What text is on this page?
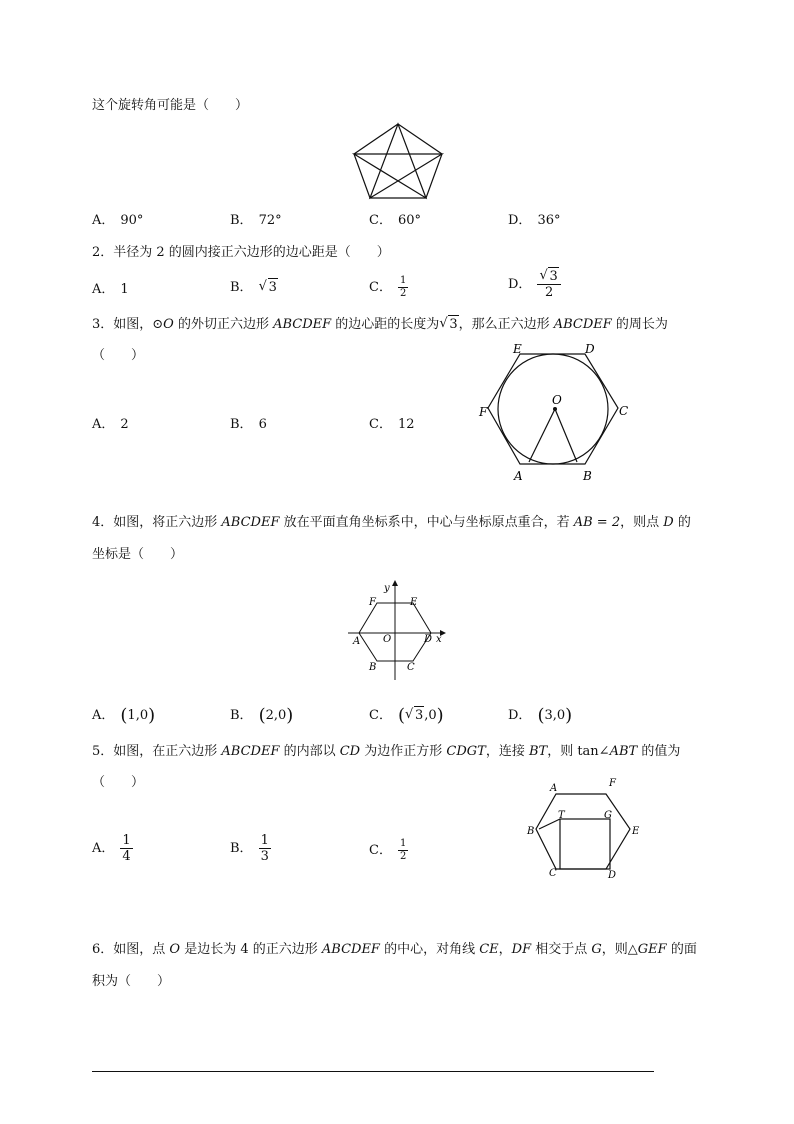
这个旋转角可能是（　　）
A． 90°	B． 72°	C． 60°	D． 36°
2．半径为 2 的圆内接正六边形的边心距是（　　）
A． 1	B． √ 3	C． $\frac{1}{2}$	D． $\frac{√ 3}{2}$
3．如图，⊙O 的外切正六边形 ABCDEF 的边心距的长度为 √ 3，那么正六边形 ABCDEF 的周长为
（　　）
A． 2	B． 6	C． 12
E	D
F	C
O
A	B
4．如图，将正六边形 ABCDEF 放在平面直角坐标系中，中心与坐标原点重合，若 AB = 2，则点 D 的
坐标是（　　）
y
x
F	E
A O	D
B	C
A． (1,0)	B． (2,0)	C． ( √ 3,0)	D． (3,0)
5．如图，在正六边形 ABCDEF 的内部以 CD 为边作正方形 CDGT，连接 BT，则 tan∠ABT 的值为
（　　）
A． $\frac{1}{4}$	B． $\frac{1}{3}$	C． $\frac{1}{2}$
A	F
T	G
B	E
C	D
6．如图，点 O 是边长为 4 的正六边形 ABCDEF 的中心，对角线 CE，DF 相交于点 G，则△GEF 的面
积为（　　）
